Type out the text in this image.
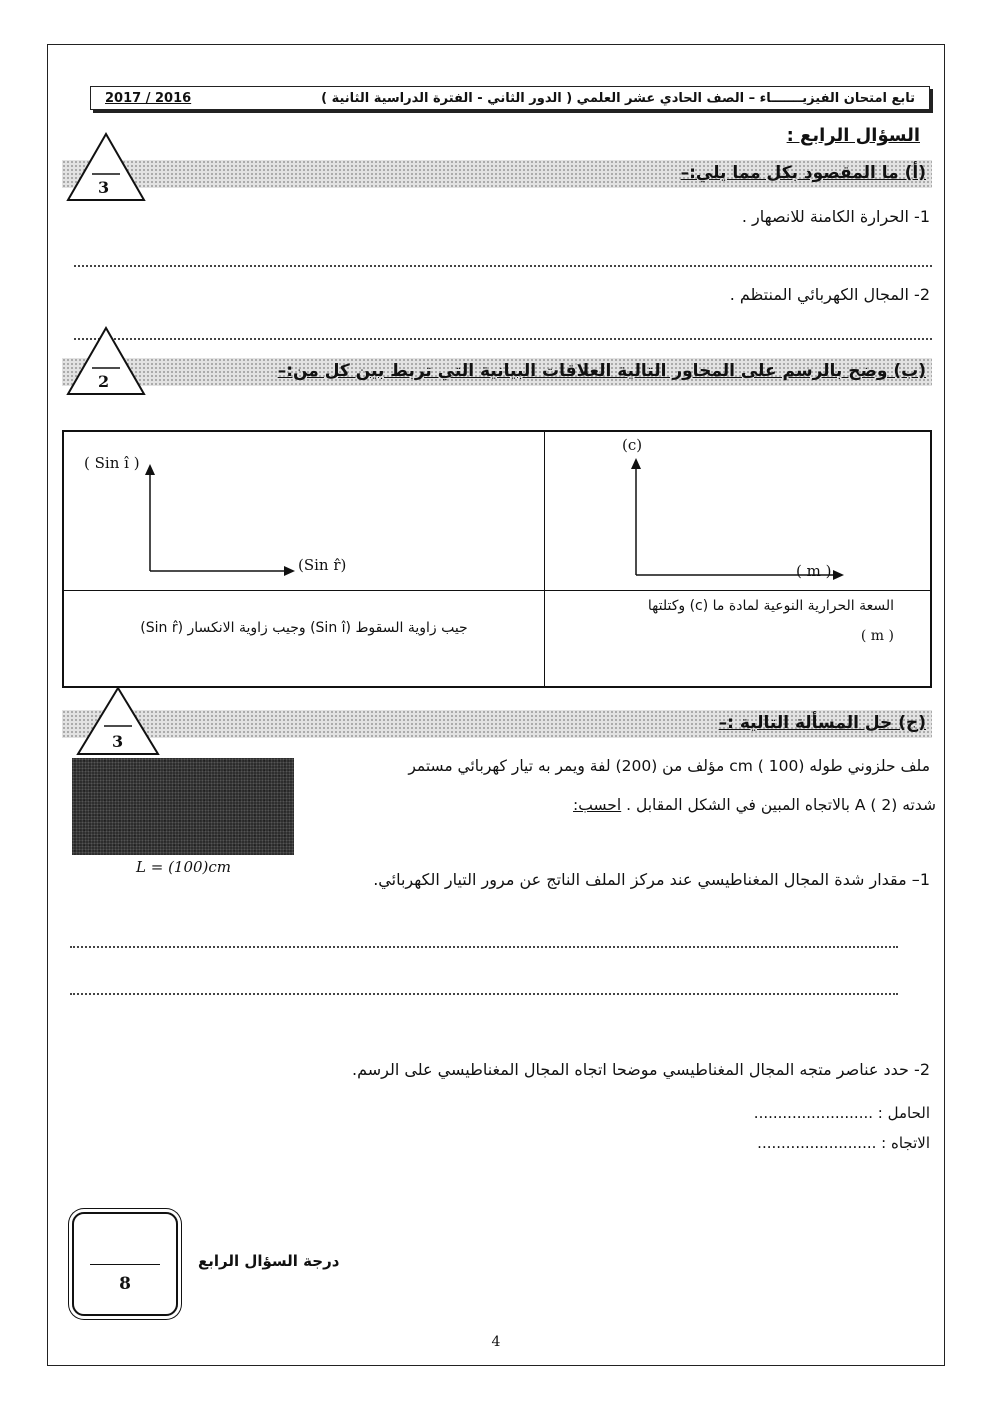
2017 / 2016	تابع امتحان الفيزيـــــــاء – الصف الحادي عشر العلمي ( الدور الثاني - الفترة الدراسية الثانية )
السؤال الرابع :
(أ) ما المقصود بكل مما يلي:–
3
1- الحرارة الكامنة للانصهار .
2- المجال الكهربائي المنتظم .
(ب) وضح بالرسم على المحاور التالية العلاقات البيانية التي تربط بين كل من:–
2
(c)
( m )
( Sin î )
(Sin r̂)
السعة الحرارية النوعية لمادة ما (c) وكتلتها
( m )
جيب زاوية السقوط (Sin î) وجيب زاوية الانكسار (Sin r̂)
(ج) حل المسألة التالية :–
3
L = (100)cm
ملف حلزوني طوله cm ( 100) مؤلف من (200) لفة ويمر به تيار كهربائي مستمر
شدته A ( 2) بالاتجاه المبين في الشكل المقابل . احسب:
1– مقدار شدة المجال المغناطيسي عند مركز الملف الناتج عن مرور التيار الكهربائي.
2- حدد عناصر متجه المجال المغناطيسي موضحا اتجاه المجال المغناطيسي على الرسم.
الحامل : .........................
الاتجاه : .........................
8
درجة السؤال الرابع
4
